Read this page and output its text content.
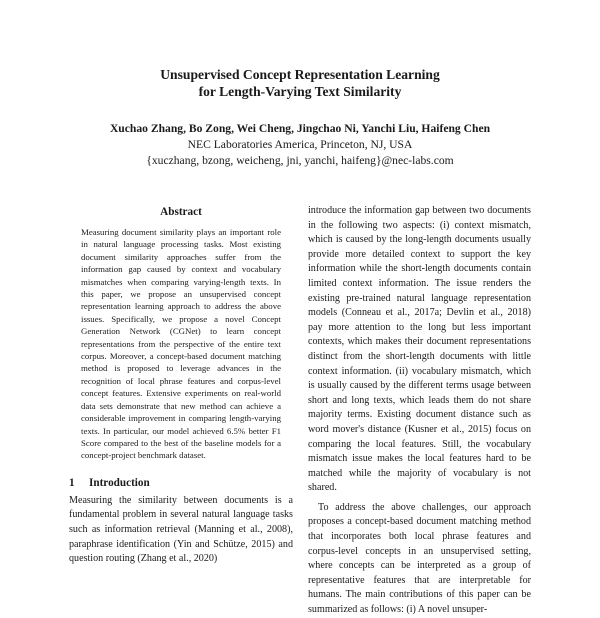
Unsupervised Concept Representation Learning
for Length-Varying Text Similarity
Xuchao Zhang, Bo Zong, Wei Cheng, Jingchao Ni, Yanchi Liu, Haifeng Chen
NEC Laboratories America, Princeton, NJ, USA
{xuczhang, bzong, weicheng, jni, yanchi, haifeng}@nec-labs.com
Abstract

Measuring document similarity plays an important role in natural language processing tasks. Most existing document similarity approaches suffer from the information gap caused by context and vocabulary mismatches when comparing varying-length texts. In this paper, we propose an unsupervised concept representation learning approach to address the above issues. Specifically, we propose a novel Concept Generation Network (CGNet) to learn concept representations from the perspective of the entire text corpus. Moreover, a concept-based document matching method is proposed to leverage advances in the recognition of local phrase features and corpus-level concept features. Extensive experiments on real-world data sets demonstrate that new method can achieve a considerable improvement in comparing length-varying texts. In particular, our model achieved 6.5% better F1 Score compared to the best of the baseline models for a concept-project benchmark dataset.

1 Introduction

Measuring the similarity between documents is a fundamental problem in several natural language tasks such as information retrieval (Manning et al., 2008), paraphrase identification (Yin and Schütze, 2015) and question routing (Zhang et al., 2020)

introduce the information gap between two documents in the following two aspects: (i) context mismatch, which is caused by the long-length documents usually provide more detailed context to support the key information while the short-length documents contain limited context information. The issue renders the existing pre-trained natural language representation models (Conneau et al., 2017a; Devlin et al., 2018) pay more attention to the long but less important contexts, which makes their document representations distinct from the short-length documents with little context information. (ii) vocabulary mismatch, which is usually caused by the different terms usage between short and long texts, which leads them do not share majority terms. Existing document distance such as word mover's distance (Kusner et al., 2015) focus on comparing the local features. Still, the vocabulary mismatch issue makes the local features hard to be matched while the majority of vocabulary is not shared.

To address the above challenges, our approach proposes a concept-based document matching method that incorporates both local phrase features and corpus-level concepts in an unsupervised setting, where concepts can be interpreted as a group of representative features that are interpretable for humans. The main contributions of this paper can be summarized as follows: (i) A novel unsuper-
